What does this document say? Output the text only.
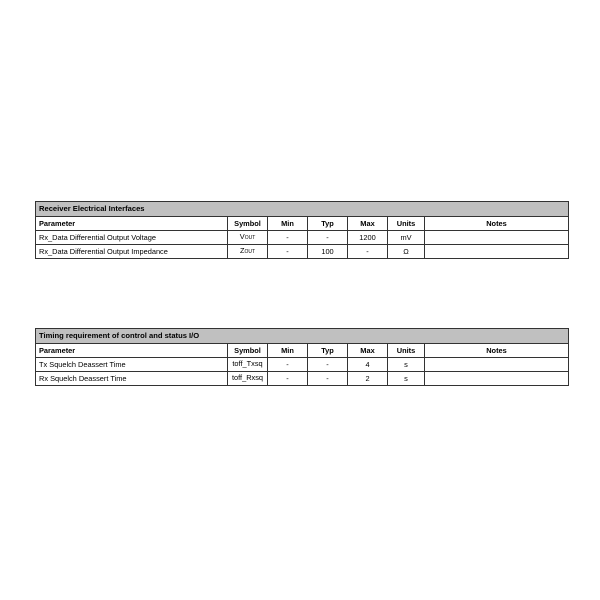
Receiver Electrical Interfaces						
Parameter	Symbol	Min	Typ	Max	Units	Notes
Rx_Data Differential Output Voltage	VOUT	-	-	1200	mV	
Rx_Data Differential Output Impedance	ZOUT	-	100	-	Ω	
Timing requirement of control and status I/O						
Parameter	Symbol	Min	Typ	Max	Units	Notes
Tx Squelch Deassert Time	toff_Txsq	-	-	4	s	
Rx Squelch Deassert Time	toff_Rxsq	-	-	2	s	
